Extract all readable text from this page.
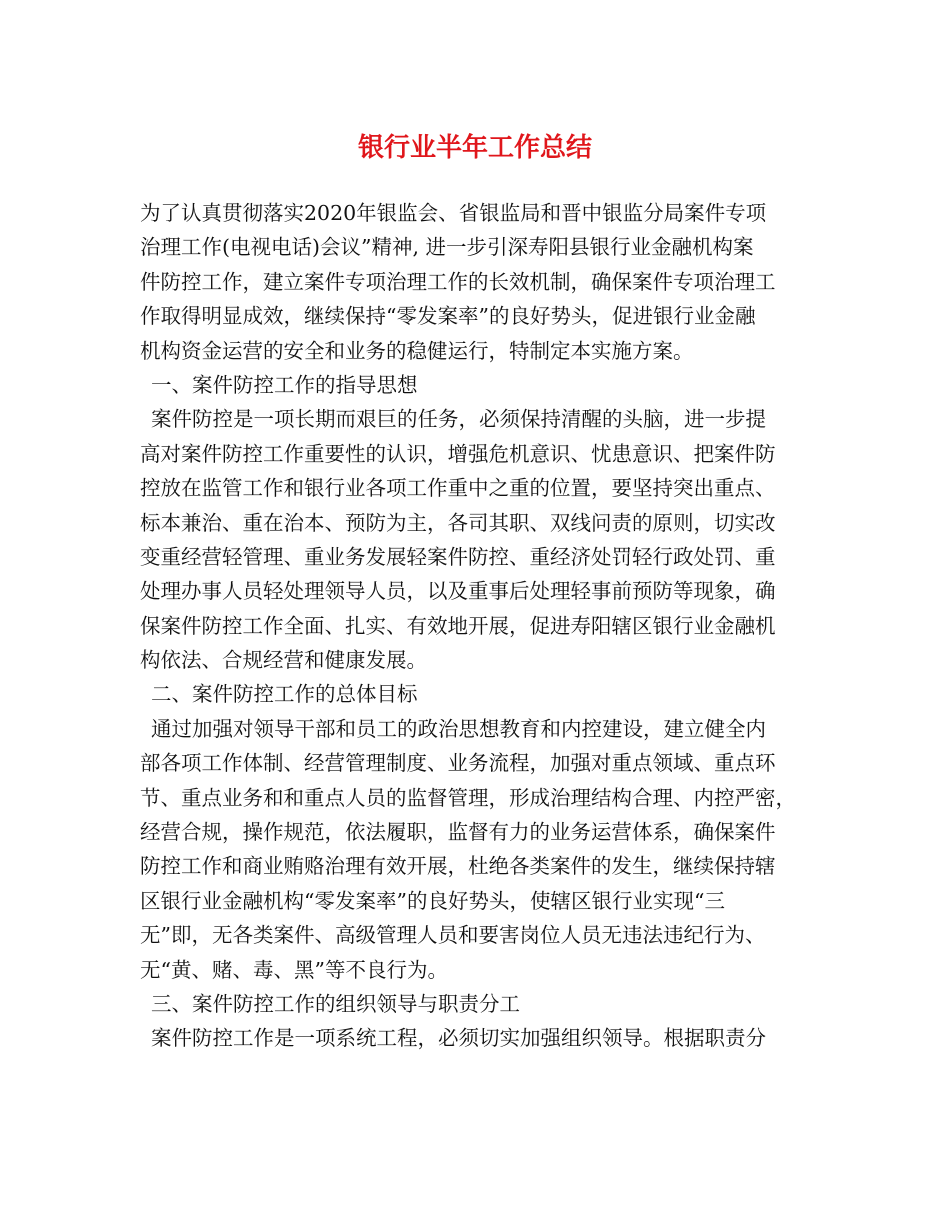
银行业半年工作总结
为了认真贯彻落实2020年银监会、省银监局和晋中银监分局案件专项
治理工作(电视电话)会议”精神, 进一步引深寿阳县银行业金融机构案
件防控工作，建立案件专项治理工作的长效机制，确保案件专项治理工
作取得明显成效，继续保持“零发案率”的良好势头，促进银行业金融
机构资金运营的安全和业务的稳健运行，特制定本实施方案。
一、案件防控工作的指导思想
案件防控是一项长期而艰巨的任务，必须保持清醒的头脑，进一步提
高对案件防控工作重要性的认识，增强危机意识、忧患意识、把案件防
控放在监管工作和银行业各项工作重中之重的位置，要坚持突出重点、
标本兼治、重在治本、预防为主，各司其职、双线问责的原则，切实改
变重经营轻管理、重业务发展轻案件防控、重经济处罚轻行政处罚、重
处理办事人员轻处理领导人员，以及重事后处理轻事前预防等现象，确
保案件防控工作全面、扎实、有效地开展，促进寿阳辖区银行业金融机
构依法、合规经营和健康发展。
二、案件防控工作的总体目标
通过加强对领导干部和员工的政治思想教育和内控建设，建立健全内
部各项工作体制、经营管理制度、业务流程，加强对重点领域、重点环
节、重点业务和和重点人员的监督管理，形成治理结构合理、内控严密，
经营合规，操作规范，依法履职，监督有力的业务运营体系，确保案件
防控工作和商业贿赂治理有效开展，杜绝各类案件的发生，继续保持辖
区银行业金融机构“零发案率”的良好势头，使辖区银行业实现“三
无”即，无各类案件、高级管理人员和要害岗位人员无违法违纪行为、
无“黄、赌、毒、黑”等不良行为。
三、案件防控工作的组织领导与职责分工
案件防控工作是一项系统工程，必须切实加强组织领导。根据职责分
